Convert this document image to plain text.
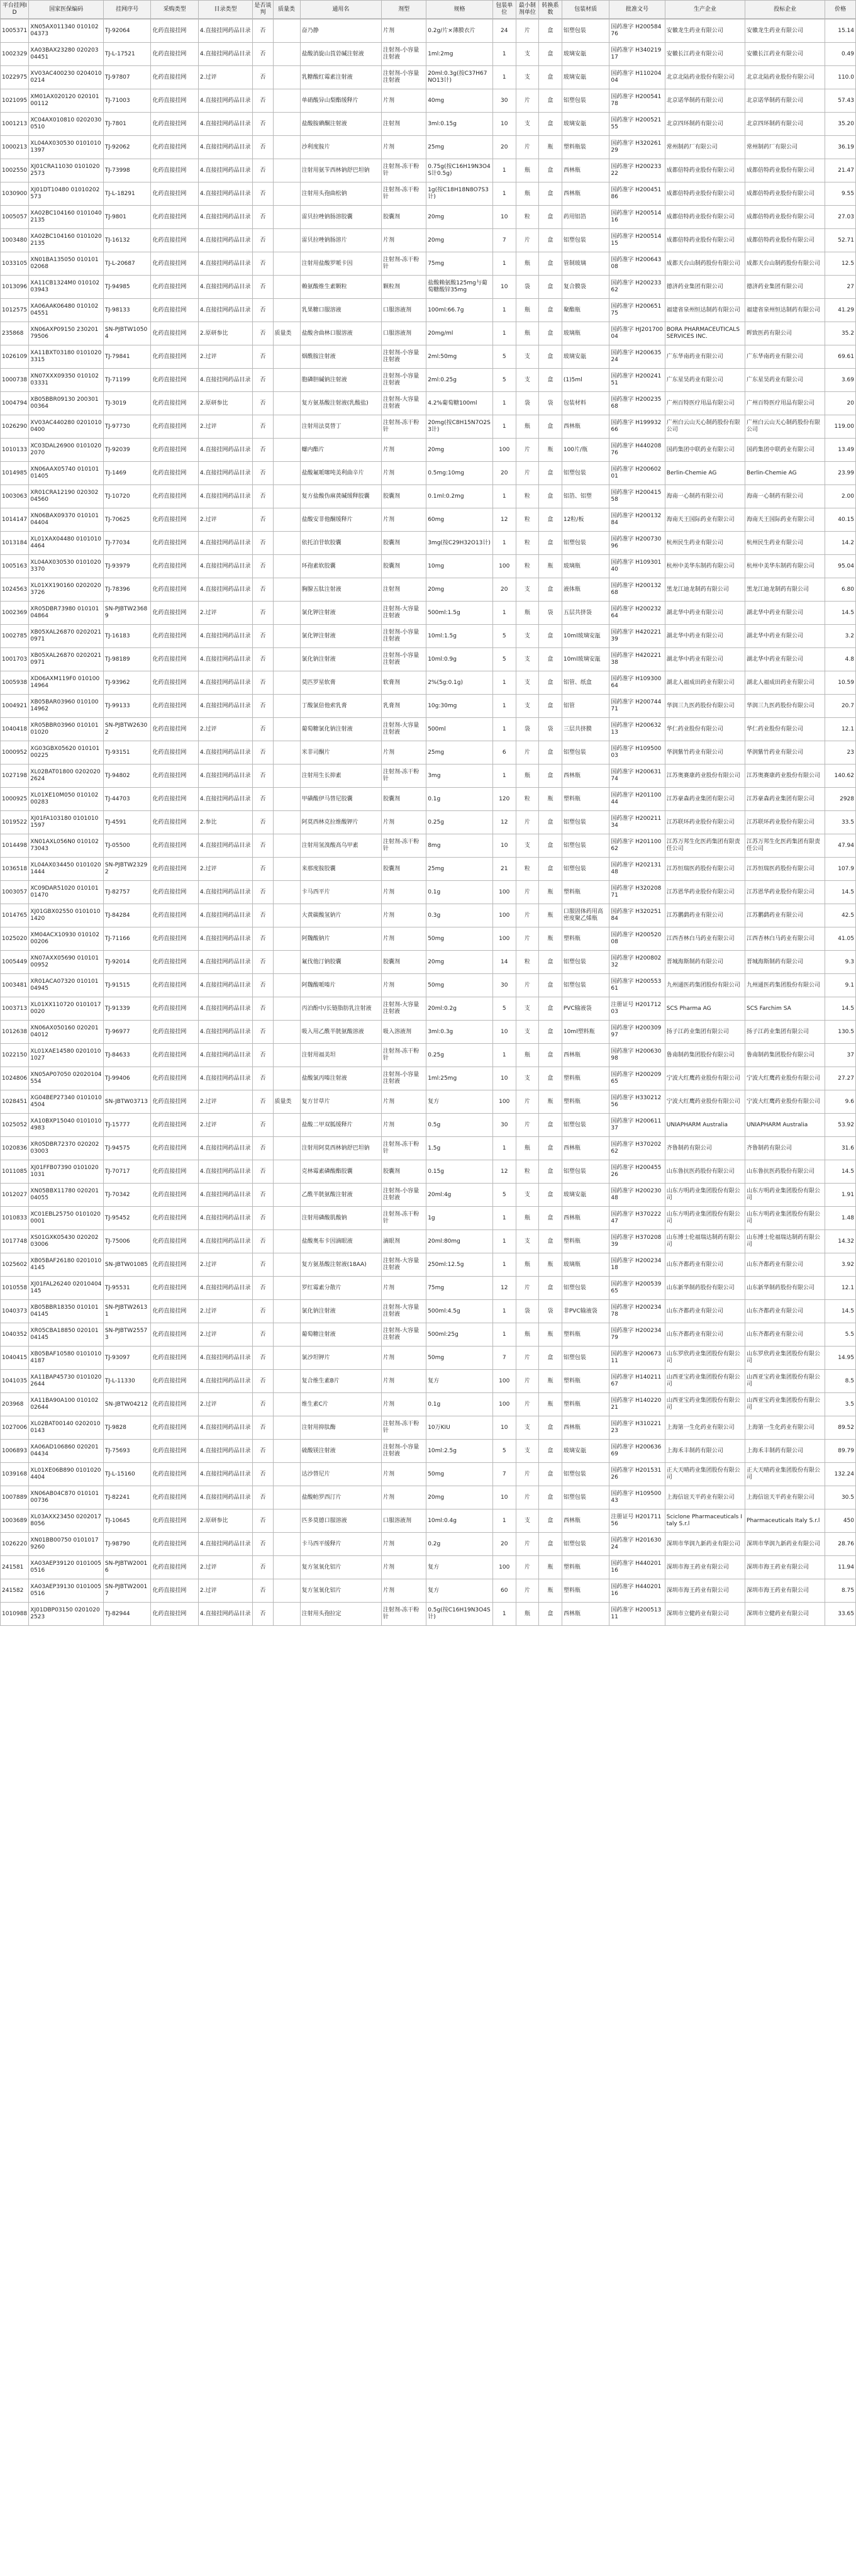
平台挂网ID	国家医保编码	挂网序号	采购类型	目录类型	是否谈判	质量类	通用名	剂型	规格	包装单位	最小制剂单位	转换系数	包装材质	批准文号	生产企业	投标企业	价格
1005371	XN05AX011340 01010204373	TJ-92064	化药直接挂网	4.直接挂网药品目录	否		奋乃静	片剂	0.2g/片×薄膜衣片	24	片	盒	铝塑包装	国药准字 H20058476	安徽龙生药业有限公司	安徽龙生药业有限公司	15.14
1002329	XA03BAX23280 02020304451	TJ-L-17521	化药直接挂网	4.直接挂网药品目录	否		盐酸消旋山莨菪碱注射液	注射剂-小容量注射液	1ml:2mg	1	支	盒	玻璃安瓿	国药准字 H34021917	安徽长江药业有限公司	安徽长江药业有限公司	0.49
1022975	XV03AC400230 02040100214	TJ-97807	化药直接挂网	2.过评	否		乳糖酸红霉素注射液	注射剂-小容量注射液	20ml:0.3g(按C37H67NO13计)	1	支	盒	玻璃安瓿	国药准字 H11020404	北京北陆药业股份有限公司	北京北陆药业股份有限公司	110.0
1021095	XM01AX020120 02010100112	TJ-71003	化药直接挂网	4.直接挂网药品目录	否		单硝酸异山梨酯缓释片	片剂	40mg	30	片	盒	铝塑包装	国药准字 H20054178	北京诺华制药有限公司	北京诺华制药有限公司	57.43
1001213	XC04AX010810 02020300510	TJ-7801	化药直接挂网	4.直接挂网药品目录	否		盐酸胺碘酮注射液	注射剂	3ml:0.15g	10	支	盒	玻璃安瓿	国药准字 H20052155	北京四环制药有限公司	北京四环制药有限公司	35.20
1000213	XL04AX030530 01010101397	TJ-92062	化药直接挂网	4.直接挂网药品目录	否		沙利度胺片	片剂	25mg	20	片	瓶	塑料瓶装	国药准字 H32026129	常州制药厂有限公司	常州制药厂有限公司	36.19
1002550	XJ01CRA11030 01010202573	TJ-73998	化药直接挂网	4.直接挂网药品目录	否		注射用氨苄西林钠舒巴坦钠	注射剂-冻干粉针	0.75g(按C16H19N3O4S计0.5g)	1	瓶	盒	西林瓶	国药准字 H20023322	成都倍特药业股份有限公司	成都倍特药业股份有限公司	21.47
1030900	XJ01DT10480 01010202573	TJ-L-18291	化药直接挂网	4.直接挂网药品目录	否		注射用头孢曲松钠	注射剂-冻干粉针	1g(按C18H18N8O7S3计)	1	瓶	盒	西林瓶	国药准字 H20045186	成都倍特药业股份有限公司	成都倍特药业股份有限公司	9.55
1005057	XA02BC104160 01010402135	TJ-9801	化药直接挂网	4.直接挂网药品目录	否		雷贝拉唑钠肠溶胶囊	胶囊剂	20mg	10	粒	盒	药用铝箔	国药准字 H20051416	成都倍特药业股份有限公司	成都倍特药业股份有限公司	27.03
1003480	XA02BC104160 01010202135	TJ-16132	化药直接挂网	4.直接挂网药品目录	否		雷贝拉唑钠肠溶片	片剂	20mg	7	片	盒	铝塑包装	国药准字 H20051415	成都倍特药业股份有限公司	成都倍特药业股份有限公司	52.71
1033105	XN01BA135050 01010102068	TJ-L-20687	化药直接挂网	4.直接挂网药品目录	否		注射用盐酸罗哌卡因	注射剂-冻干粉针	75mg	1	瓶	盒	管制玻璃	国药准字 H20064308	成都天台山制药股份有限公司	成都天台山制药股份有限公司	12.5
1013096	XA11CB1324M0 01010203943	TJ-94985	化药直接挂网	4.直接挂网药品目录	否		赖氨酸维生素颗粒	颗粒剂	盐酸赖氨酸125mg与葡萄糖酸锌35mg	10	袋	盒	复合膜袋	国药准字 H20023362	德济药业集团有限公司	德济药业集团有限公司	27
1012575	XA06AAK06480 01010204551	TJ-98133	化药直接挂网	4.直接挂网药品目录	否		乳果糖口服溶液	口服溶液剂	100ml:66.7g	1	瓶	盒	聚酯瓶	国药准字 H20065175	福建省泉州恒达制药有限公司	福建省泉州恒达制药有限公司	41.29
235868	XN06AXP09150 23020179506	SN-PJBTW10504	化药直接挂网	2.原研参比	否	质量类	盐酸舍曲林口服溶液	口服溶液剂	20mg/ml	1	瓶	盒	玻璃瓶	国药准字 HJ20170004	BORA PHARMACEUTICALS SERVICES INC.	晖致医药有限公司	35.2
1026109	XA11BXT03180 01010203315	TJ-79841	化药直接挂网	2.过评	否		烟酰胺注射液	注射剂-小容量注射液	2ml:50mg	5	支	盒	玻璃安瓿	国药准字 H20063524	广东华南药业有限公司	广东华南药业有限公司	69.61
1000738	XN07XXX09350 01010203331	TJ-71199	化药直接挂网	4.直接挂网药品目录	否		胞磷胆碱钠注射液	注射剂-小容量注射液	2ml:0.25g	5	支	盒	(1)5ml	国药准字 H20024151	广东星昊药业有限公司	广东星昊药业有限公司	3.69
1004794	XB05BBR09130 20030100364	TJ-3019	化药直接挂网	2.原研参比	否		复方氨基酸注射液(乳酸盐)	注射剂-大容量注射液	4.2%葡萄糖100ml	1	袋	袋	包装材料	国药准字 H20023568	广州百特医疗用品有限公司	广州百特医疗用品有限公司	20
1026290	XV03AC440280 02010100400	TJ-97730	化药直接挂网	2.过评	否		注射用法莫替丁	注射剂-冻干粉针	20mg(按C8H15N7O2S3计)	1	瓶	盒	西林瓶	国药准字 H19993266	广州白云山天心制药股份有限公司	广州白云山天心制药股份有限公司	119.00
1010133	XC03DAL26900 01010202070	TJ-92039	化药直接挂网	4.直接挂网药品目录	否		螺内酯片	片剂	20mg	100	片	瓶	100片/瓶	国药准字 H44020876	国药集团中联药业有限公司	国药集团中联药业有限公司	13.49
1014985	XN06AAX05740 01010101405	TJ-1469	化药直接挂网	4.直接挂网药品目录	否		盐酸氟哌噻吨美利曲辛片	片剂	0.5mg:10mg	20	片	盒	铝塑包装	国药准字 H20060201	Berlin-Chemie AG	Berlin-Chemie AG	23.99
1003063	XR01CRA12190 02030204560	TJ-10720	化药直接挂网	4.直接挂网药品目录	否		复方盐酸伪麻黄碱缓释胶囊	胶囊剂	0.1ml:0.2mg	1	粒	盒	铝箔、铝塑	国药准字 H20041558	海南一心制药有限公司	海南一心制药有限公司	2.00
1014147	XN06BAX09370 01010104404	TJ-70625	化药直接挂网	2.过评	否		盐酸安非他酮缓释片	片剂	60mg	12	粒	盒	12粒/板	国药准字 H20013284	海南天王国际药业有限公司	海南天王国际药业有限公司	40.15
1013184	XL01XAX04480 01010104464	TJ-77034	化药直接挂网	4.直接挂网药品目录	否		依托泊苷软胶囊	胶囊剂	3mg(按C29H32O13计)	1	粒	盒	铝塑包装	国药准字 H20073096	杭州民生药业有限公司	杭州民生药业有限公司	14.2
1005163	XL04AX030530 01010203370	TJ-93979	化药直接挂网	4.直接挂网药品目录	否		环孢素软胶囊	胶囊剂	10mg	100	粒	瓶	玻璃瓶	国药准字 H10930140	杭州中美华东制药有限公司	杭州中美华东制药有限公司	95.04
1024563	XL01XX190160 02020203726	TJ-78396	化药直接挂网	4.直接挂网药品目录	否		胸腺五肽注射液	注射剂	20mg	20	支	盒	液体瓶	国药准字 H20013268	黑龙江迪龙制药有限公司	黑龙江迪龙制药有限公司	6.80
1002369	XR05DBR73980 01010104864	SN-PJBTW23689	化药直接挂网	2.过评	否		氯化钾注射液	注射剂-大容量注射液	500ml:1.5g	1	瓶	袋	五层共挤袋	国药准字 H20023264	湖北华中药业有限公司	湖北华中药业有限公司	14.5
1002785	XB05XAL26870 02020210971	TJ-16183	化药直接挂网	4.直接挂网药品目录	否		氯化钾注射液	注射剂-小容量注射液	10ml:1.5g	5	支	盒	10ml玻璃安瓿	国药准字 H42022139	湖北华中药业有限公司	湖北华中药业有限公司	3.2
1001703	XB05XAL26870 02020210971	TJ-98189	化药直接挂网	4.直接挂网药品目录	否		氯化钠注射液	注射剂-小容量注射液	10ml:0.9g	5	支	盒	10ml玻璃安瓿	国药准字 H42022138	湖北华中药业有限公司	湖北华中药业有限公司	4.8
1005938	XD06AXM119F0 01010014964	TJ-93962	化药直接挂网	4.直接挂网药品目录	否		莫匹罗星软膏	软膏剂	2%(5g:0.1g)	1	支	盒	铝管、纸盒	国药准字 H10930064	湖北人福成田药业有限公司	湖北人福成田药业有限公司	10.59
1004921	XB05BAR03960 01010014962	TJ-99133	化药直接挂网	4.直接挂网药品目录	否		丁酸氯倍他索乳膏	乳膏剂	10g:30mg	1	支	盒	铝管	国药准字 H20074471	华润三九医药股份有限公司	华润三九医药股份有限公司	20.7
1040418	XR05BBR03960 01010101020	SN-PJBTW26302	化药直接挂网	2.过评	否		葡萄糖氯化钠注射液	注射剂-大容量注射液	500ml	1	袋	袋	三层共挤膜	国药准字 H20063213	华仁药业股份有限公司	华仁药业股份有限公司	12.1
1000952	XG03GBX05620 01010100225	TJ-93151	化药直接挂网	4.直接挂网药品目录	否		米非司酮片	片剂	25mg	6	片	盒	铝塑包装	国药准字 H10950003	华润紫竹药业有限公司	华润紫竹药业有限公司	23
1027198	XL02BAT01800 02020202624	TJ-94802	化药直接挂网	4.直接挂网药品目录	否		注射用生长抑素	注射剂-冻干粉针	3mg	1	瓶	盒	西林瓶	国药准字 H20063174	江苏奥赛康药业股份有限公司	江苏奥赛康药业股份有限公司	140.62
1000925	XL01XE10M050 01010200283	TJ-44703	化药直接挂网	4.直接挂网药品目录	否		甲磺酸伊马替尼胶囊	胶囊剂	0.1g	120	粒	瓶	塑料瓶	国药准字 H20110044	江苏豪森药业集团有限公司	江苏豪森药业集团有限公司	2928
1019522	XJ01FA103180 01010101597	TJ-4591	化药直接挂网	2.参比	否		阿莫西林克拉维酸钾片	片剂	0.25g	12	片	盒	铝塑包装	国药准字 H20021134	江苏联环药业股份有限公司	江苏联环药业股份有限公司	33.5
1014498	XN01AXL056N0 01010273043	TJ-05500	化药直接挂网	4.直接挂网药品目录	否		注射用氢溴酸高乌甲素	注射剂-冻干粉针	8mg	10	支	盒	铝塑包装	国药准字 H20110062	江苏万邦生化医药集团有限责任公司	江苏万邦生化医药集团有限责任公司	47.94
1036518	XL04AX034450 01010201444	SN-PJBTW23292	化药直接挂网	2.过评	否		来那度胺胶囊	胶囊剂	25mg	21	粒	盒	铝塑包装	国药准字 H20213148	江苏恒瑞医药股份有限公司	江苏恒瑞医药股份有限公司	107.9
1003057	XC09DAR51020 01010101470	TJ-82757	化药直接挂网	4.直接挂网药品目录	否		卡马西平片	片剂	0.1g	100	片	瓶	塑料瓶	国药准字 H32020871	江苏恩华药业股份有限公司	江苏恩华药业股份有限公司	14.5
1014765	XJ01GBX02550 01010101420	TJ-84284	化药直接挂网	4.直接挂网药品目录	否		大黄碳酸氢钠片	片剂	0.3g	100	片	瓶	口服固体药用高密度聚乙烯瓶	国药准字 H32025184	江苏鹏鹞药业有限公司	江苏鹏鹞药业有限公司	42.5
1025020	XM04ACX10930 01010200206	TJ-71166	化药直接挂网	4.直接挂网药品目录	否		阿魏酸钠片	片剂	50mg	100	片	瓶	塑料瓶	国药准字 H20052008	江西杏林白马药业有限公司	江西杏林白马药业有限公司	41.05
1005449	XN07AXX05690 01010100952	TJ-92014	化药直接挂网	4.直接挂网药品目录	否		氟伐他汀钠胶囊	胶囊剂	20mg	14	粒	盒	铝塑包装	国药准字 H20080232	晋城海斯制药有限公司	晋城海斯制药有限公司	9.3
1003481	XR01ACA07320 01010104945	TJ-91515	化药直接挂网	4.直接挂网药品目录	否		阿魏酸哌嗪片	片剂	50mg	30	片	盒	铝塑包装	国药准字 H20055361	九州通医药集团股份有限公司	九州通医药集团股份有限公司	9.1
1003713	XL01XX110720 01010170020	TJ-91339	化药直接挂网	4.直接挂网药品目录	否		丙泊酚中/长链脂肪乳注射液	注射剂-大容量注射液	20ml:0.2g	5	支	盒	PVC输液袋	注册证号 H20171203	SCS Pharma AG	SCS Farchim SA	14.5
1012638	XN06AX050160 02020104012	TJ-96977	化药直接挂网	4.直接挂网药品目录	否		吸入用乙酰半胱氨酸溶液	吸入溶液剂	3ml:0.3g	10	支	盒	10ml塑料瓶	国药准字 H20030997	扬子江药业集团有限公司	扬子江药业集团有限公司	130.5
1022150	XL01XAE14580 02010101027	TJ-84633	化药直接挂网	4.直接挂网药品目录	否		注射用福美坦	注射剂-冻干粉针	0.25g	1	瓶	盒	西林瓶	国药准字 H20063098	鲁南制药集团股份有限公司	鲁南制药集团股份有限公司	37
1024806	XN05AP07050 02020104554	TJ-99406	化药直接挂网	4.直接挂网药品目录	否		盐酸氯丙嗪注射液	注射剂-小容量注射液	1ml:25mg	10	支	盒	塑料瓶	国药准字 H20020965	宁波大红鹰药业股份有限公司	宁波大红鹰药业股份有限公司	27.27
1028451	XG04BEP27340 01010104504	SN-JBTW03713	化药直接挂网	2.过评	否	质量类	复方甘草片	片剂	复方	100	片	瓶	塑料瓶	国药准字 H33021256	宁波大红鹰药业股份有限公司	宁波大红鹰药业股份有限公司	9.6
1025052	XA10BXP15040 01010104983	TJ-15777	化药直接挂网	2.过评	否		盐酸二甲双胍缓释片	片剂	0.5g	30	片	盒	铝塑包装	国药准字 H20061137	UNIAPHARM Australia	UNIAPHARM Australia	53.92
1020836	XR05DBR72370 02020203003	TJ-94575	化药直接挂网	4.直接挂网药品目录	否		注射用阿莫西林钠舒巴坦钠	注射剂-冻干粉针	1.5g	1	瓶	盒	西林瓶	国药准字 H37020262	齐鲁制药有限公司	齐鲁制药有限公司	31.6
1011085	XJ01FFB07390 01010201031	TJ-70717	化药直接挂网	4.直接挂网药品目录	否		克林霉素磷酸酯胶囊	胶囊剂	0.15g	12	粒	盒	铝塑包装	国药准字 H20045526	山东鲁抗医药股份有限公司	山东鲁抗医药股份有限公司	14.5
1012027	XN05BBX11780 02020104055	TJ-70342	化药直接挂网	4.直接挂网药品目录	否		乙酰半胱氨酸注射液	注射剂-小容量注射液	20ml:4g	5	支	盒	玻璃安瓿	国药准字 H20023048	山东方明药业集团股份有限公司	山东方明药业集团股份有限公司	1.91
1010833	XC01EBL25750 01010200001	TJ-95452	化药直接挂网	4.直接挂网药品目录	否		注射用磷酸肌酸钠	注射剂-冻干粉针	1g	1	瓶	盒	西林瓶	国药准字 H37022247	山东方明药业集团股份有限公司	山东方明药业集团股份有限公司	1.48
1017748	XS01GXK05430 02020203006	TJ-75006	化药直接挂网	4.直接挂网药品目录	否		盐酸奥布卡因滴眼液	滴眼剂	20ml:80mg	1	支	盒	塑料瓶	国药准字 H37020839	山东博士伦福瑞达制药有限公司	山东博士伦福瑞达制药有限公司	14.32
1025602	XB05BAF26180 02010104145	SN-JBTW01085	化药直接挂网	2.过评	否		复方氨基酸注射液(18AA)	注射剂-大容量注射液	250ml:12.5g	1	瓶	瓶	玻璃瓶	国药准字 H20023418	山东齐都药业有限公司	山东齐都药业有限公司	3.92
1010558	XJ01FAL26240 02010404145	TJ-95531	化药直接挂网	4.直接挂网药品目录	否		罗红霉素分散片	片剂	75mg	12	片	盒	铝塑包装	国药准字 H20053965	山东新华制药股份有限公司	山东新华制药股份有限公司	12.1
1040373	XB05BBR18350 01010104145	SN-PJBTW26131	化药直接挂网	2.过评	否		氯化钠注射液	注射剂-大容量注射液	500ml:4.5g	1	袋	袋	非PVC输液袋	国药准字 H20023478	山东齐都药业有限公司	山东齐都药业有限公司	14.5
1040352	XR05CBA18850 02010104145	SN-PJBTW25573	化药直接挂网	2.过评	否		葡萄糖注射液	注射剂-大容量注射液	500ml:25g	1	瓶	瓶	塑料瓶	国药准字 H20023479	山东齐都药业有限公司	山东齐都药业有限公司	5.5
1040415	XB05BAF10580 01010104187	TJ-93097	化药直接挂网	4.直接挂网药品目录	否		氯沙坦钾片	片剂	50mg	7	片	盒	铝塑包装	国药准字 H20067311	山东罗欣药业集团股份有限公司	山东罗欣药业集团股份有限公司	14.95
1041035	XA11BAP45730 01010202644	TJ-L-11330	化药直接挂网	4.直接挂网药品目录	否		复合维生素B片	片剂	复方	100	片	瓶	塑料瓶	国药准字 H14021167	山西亚宝药业集团股份有限公司	山西亚宝药业集团股份有限公司	8.5
203968	XA11BA90A100 01010202644	SN-JBTW04212	化药直接挂网	2.过评	否		维生素C片	片剂	0.1g	100	片	瓶	塑料瓶	国药准字 H14022021	山西亚宝药业集团股份有限公司	山西亚宝药业集团股份有限公司	3.5
1027006	XL02BAT00140 02020100143	TJ-9828	化药直接挂网	4.直接挂网药品目录	否		注射用抑肽酶	注射剂-冻干粉针	10万KIU	10	支	盒	西林瓶	国药准字 H31022123	上海第一生化药业有限公司	上海第一生化药业有限公司	89.52
1006893	XA06AD106860 02020104434	TJ-75693	化药直接挂网	4.直接挂网药品目录	否		硫酸镁注射液	注射剂-小容量注射液	10ml:2.5g	5	支	盒	玻璃安瓿	国药准字 H20063669	上海禾丰制药有限公司	上海禾丰制药有限公司	89.79
1039168	XL01XE06B890 01010204404	TJ-L-15160	化药直接挂网	4.直接挂网药品目录	否		达沙替尼片	片剂	50mg	7	片	盒	铝塑包装	国药准字 H20153126	正大天晴药业集团股份有限公司	正大天晴药业集团股份有限公司	132.24
1007889	XN06AB04C870 01010100736	TJ-82241	化药直接挂网	4.直接挂网药品目录	否		盐酸帕罗西汀片	片剂	20mg	10	片	盒	铝塑包装	国药准字 H10950043	上海信谊天平药业有限公司	上海信谊天平药业有限公司	30.5
1003689	XL03AXX23450 02020178056	TJ-10645	化药直接挂网	2.原研参比	否		匹多莫德口服溶液	口服溶液剂	10ml:0.4g	1	支	盒	西林瓶	注册证号 H20171156	Sciclone Pharmaceuticals Italy S.r.l	Pharmaceuticals Italy S.r.l	450
1026220	XN01BB00750 01010179260	TJ-98790	化药直接挂网	4.直接挂网药品目录	否		卡马西平缓释片	片剂	0.2g	20	片	盒	铝塑包装	国药准字 H20163024	深圳市华润九新药业有限公司	深圳市华润九新药业有限公司	28.76
241581	XA03AEP39120 01010050516	SN-PJBTW20016	化药直接挂网	2.过评	否		复方氢氧化铝片	片剂	复方	100	片	瓶	塑料瓶	国药准字 H44020116	深圳市海王药业有限公司	深圳市海王药业有限公司	11.94
241582	XA03AEP39130 01010050516	SN-PJBTW20017	化药直接挂网	2.过评	否		复方氢氧化铝片	片剂	复方	60	片	瓶	塑料瓶	国药准字 H44020116	深圳市海王药业有限公司	深圳市海王药业有限公司	8.75
1010988	XJ01DBP03150 02010202523	TJ-82944	化药直接挂网	4.直接挂网药品目录	否		注射用头孢拉定	注射剂-冻干粉针	0.5g(按C16H19N3O4S计)	1	瓶	盒	西林瓶	国药准字 H20051311	深圳市立健药业有限公司	深圳市立健药业有限公司	33.65
